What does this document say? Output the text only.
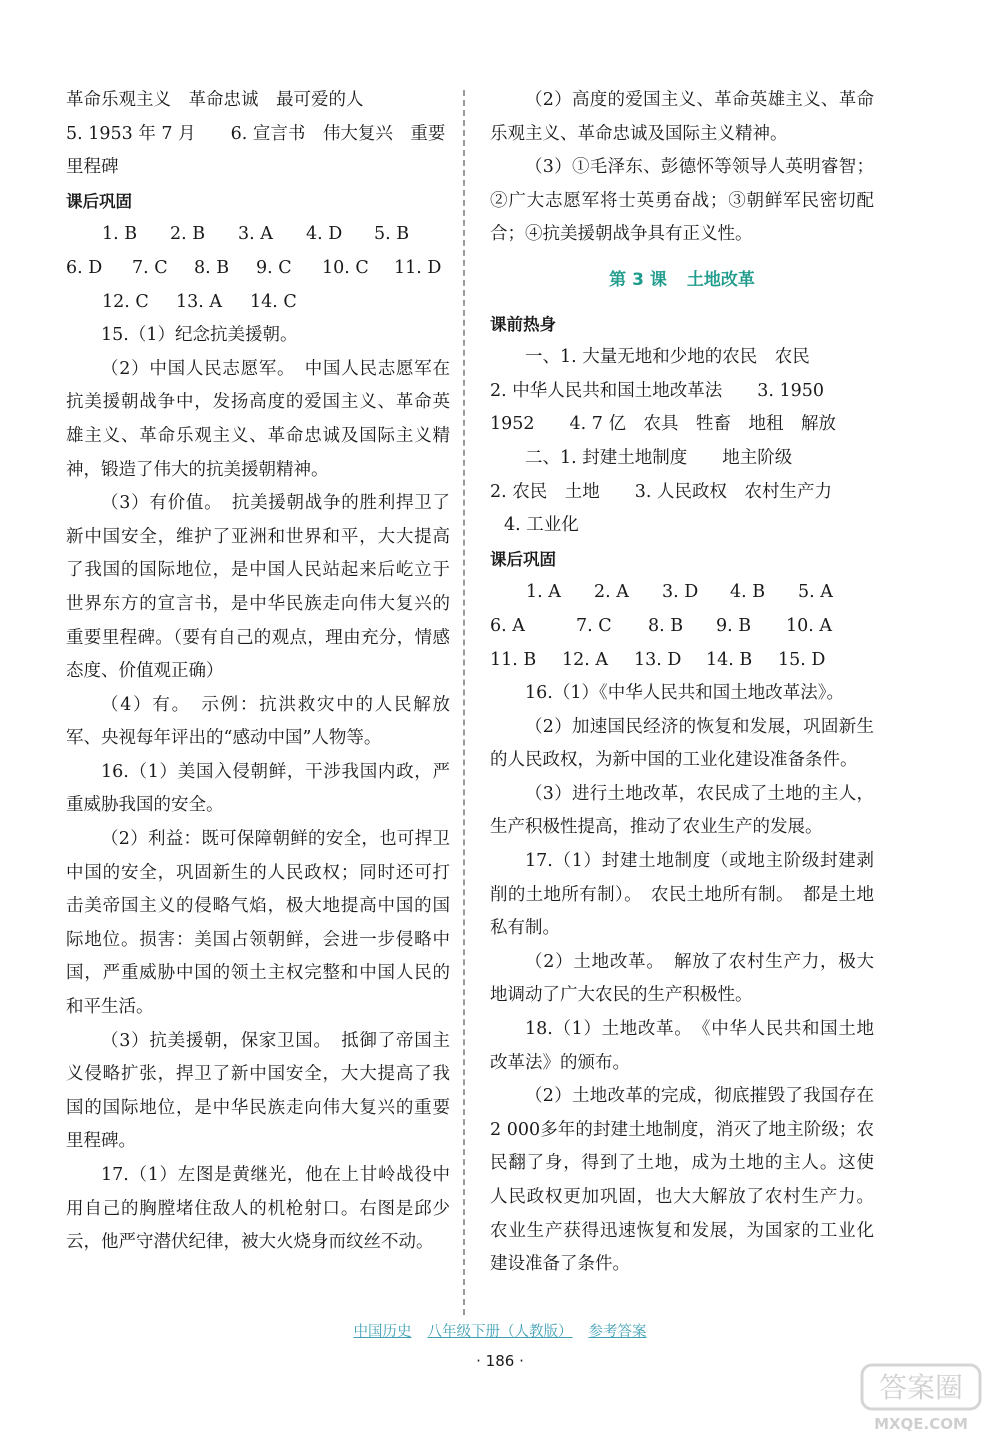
革命乐观主义　革命忠诚　最可爱的人

5. 1953 年 7 月　　6. 宣言书　伟大复兴　重要

里程碑

课后巩固

1. B	2. B	3. A	4. D	5. B
6. D	7. C	8. B	9. C	10. C	11. D
12. C	13. A	14. C

15.（1）纪念抗美援朝。

（2）中国人民志愿军。　中国人民志愿军在抗美援朝战争中，发扬高度的爱国主义、革命英雄主义、革命乐观主义、革命忠诚及国际主义精神，锻造了伟大的抗美援朝精神。

（3）有价值。　抗美援朝战争的胜利捍卫了新中国安全，维护了亚洲和世界和平，大大提高了我国的国际地位，是中国人民站起来后屹立于世界东方的宣言书，是中华民族走向伟大复兴的重要里程碑。（要有自己的观点，理由充分，情感态度、价值观正确）

（4）有。　示例：抗洪救灾中的人民解放军、央视每年评出的“感动中国”人物等。

16.（1）美国入侵朝鲜，干涉我国内政，严重威胁我国的安全。

（2）利益：既可保障朝鲜的安全，也可捍卫中国的安全，巩固新生的人民政权；同时还可打击美帝国主义的侵略气焰，极大地提高中国的国际地位。损害：美国占领朝鲜，会进一步侵略中国，严重威胁中国的领土主权完整和中国人民的和平生活。

（3）抗美援朝，保家卫国。　抵御了帝国主义侵略扩张，捍卫了新中国安全，大大提高了我国的国际地位，是中华民族走向伟大复兴的重要里程碑。

17.（1）左图是黄继光，他在上甘岭战役中用自己的胸膛堵住敌人的机枪射口。右图是邱少云，他严守潜伏纪律，被大火烧身而纹丝不动。

（2）高度的爱国主义、革命英雄主义、革命乐观主义、革命忠诚及国际主义精神。

（3）①毛泽东、彭德怀等领导人英明睿智；②广大志愿军将士英勇奋战；③朝鲜军民密切配合；④抗美援朝战争具有正义性。

第 3 课 土地改革

课前热身

一、1. 大量无地和少地的农民　农民

2. 中华人民共和国土地改革法　　3. 1950

1952　　4. 7 亿　农具　牲畜　地租　解放

二、1. 封建土地制度　　地主阶级

2. 农民　土地　　3. 人民政权　农村生产力

4. 工业化

课后巩固

1. A	2. A	3. D	4. B	5. A
6. A	7. C	8. B	9. B	10. A
11. B	12. A	13. D	14. B	15. D

16.（1）《中华人民共和国土地改革法》。

（2）加速国民经济的恢复和发展，巩固新生的人民政权，为新中国的工业化建设准备条件。

（3）进行土地改革，农民成了土地的主人，生产积极性提高，推动了农业生产的发展。

17.（1）封建土地制度（或地主阶级封建剥削的土地所有制）。　农民土地所有制。　都是土地私有制。

（2）土地改革。　解放了农村生产力，极大地调动了广大农民的生产积极性。

18.（1）土地改革。　《中华人民共和国土地改革法》的颁布。

（2）土地改革的完成，彻底摧毁了我国存在2 000多年的封建土地制度，消灭了地主阶级；农民翻了身，得到了土地，成为土地的主人。这使人民政权更加巩固，也大大解放了农村生产力。农业生产获得迅速恢复和发展，为国家的工业化建设准备了条件。

中国历史 八年级下册（人教版） 参考答案
· 186 ·
答案圈
MXQE.COM
